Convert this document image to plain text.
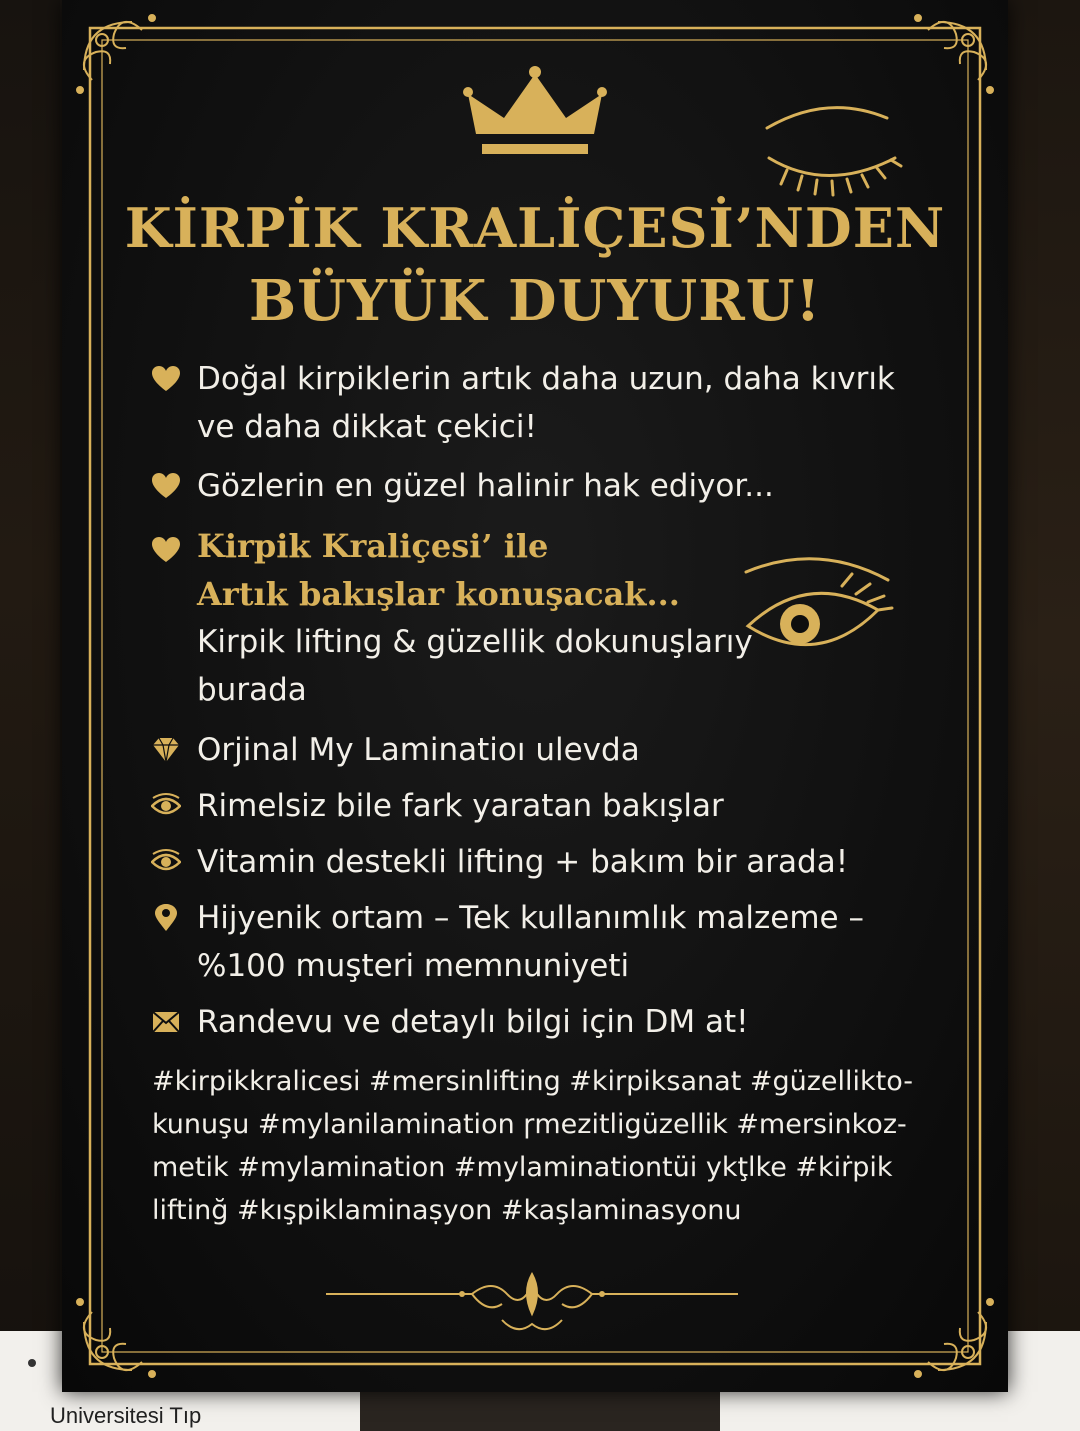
Universitesi Tıp
KİRPİK KRALİÇESİ’NDEN
BÜYÜK DUYURU!
Doğal kirpiklerin artık daha uzun, daha kıvrık
ve daha dikkat çekici!
Gözlerin en güzel halinir hak ediyor...
Kirpik Kraliçesi’ ile
Artık bakışlar konuşacak...
Kirpik lifting & güzellik dokunuşlarıy
burada
Orjinal My Laminatioı ulevda
Rimelsiz bile fark yaratan bakışlar
Vitamin destekli lifting + bakım bir arada!
Hijyenik ortam – Tek kullanımlık malzeme –
%100 muşteri memnuniyeti
Randevu ve detaylı bilgi için DM at!
#kirpikkralicesi #mersinlifting #kirpiksanat #güzellikto-
kunuşu #mylanilamination ɼmezitligüzellik #mersinkoz-
metik #mylamination #mylaminationtüi ykţlke #kiṙpik
liftinğ #kışpiklaminaṣyon #kaşlaminasyonu
